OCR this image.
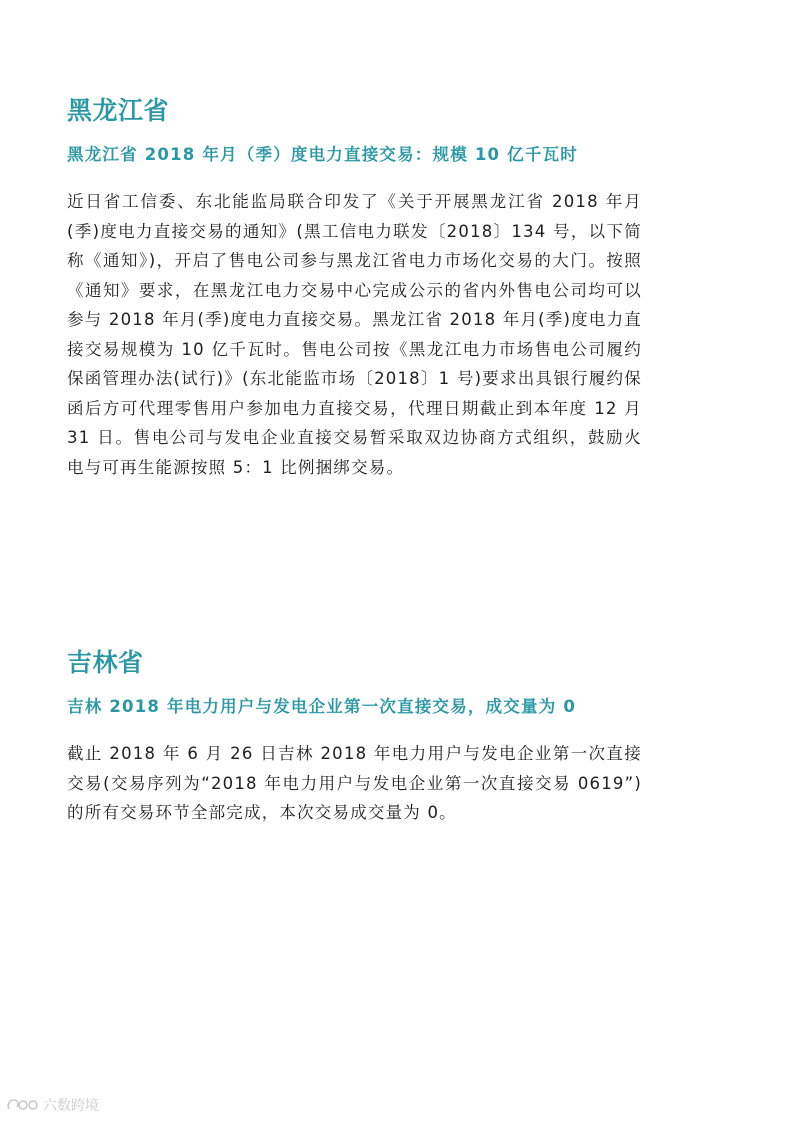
黑龙江省
黑龙江省 2018 年月（季）度电力直接交易：规模 10 亿千瓦时

近日省工信委、东北能监局联合印发了《关于开展黑龙江省 2018 年月(季)度电力直接交易的通知》(黑工信电力联发〔2018〕134 号，以下简称《通知》)，开启了售电公司参与黑龙江省电力市场化交易的大门。按照《通知》要求，在黑龙江电力交易中心完成公示的省内外售电公司均可以参与 2018 年月(季)度电力直接交易。黑龙江省 2018 年月(季)度电力直接交易规模为 10 亿千瓦时。售电公司按《黑龙江电力市场售电公司履约保函管理办法(试行)》(东北能监市场〔2018〕1 号)要求出具银行履约保函后方可代理零售用户参加电力直接交易，代理日期截止到本年度 12 月 31 日。售电公司与发电企业直接交易暂采取双边协商方式组织，鼓励火电与可再生能源按照 5：1 比例捆绑交易。

吉林省
吉林 2018 年电力用户与发电企业第一次直接交易，成交量为 0

截止 2018 年 6 月 26 日吉林 2018 年电力用户与发电企业第一次直接交易(交易序列为“2018 年电力用户与发电企业第一次直接交易 0619”)的所有交易环节全部完成，本次交易成交量为 0。

六数跨境
